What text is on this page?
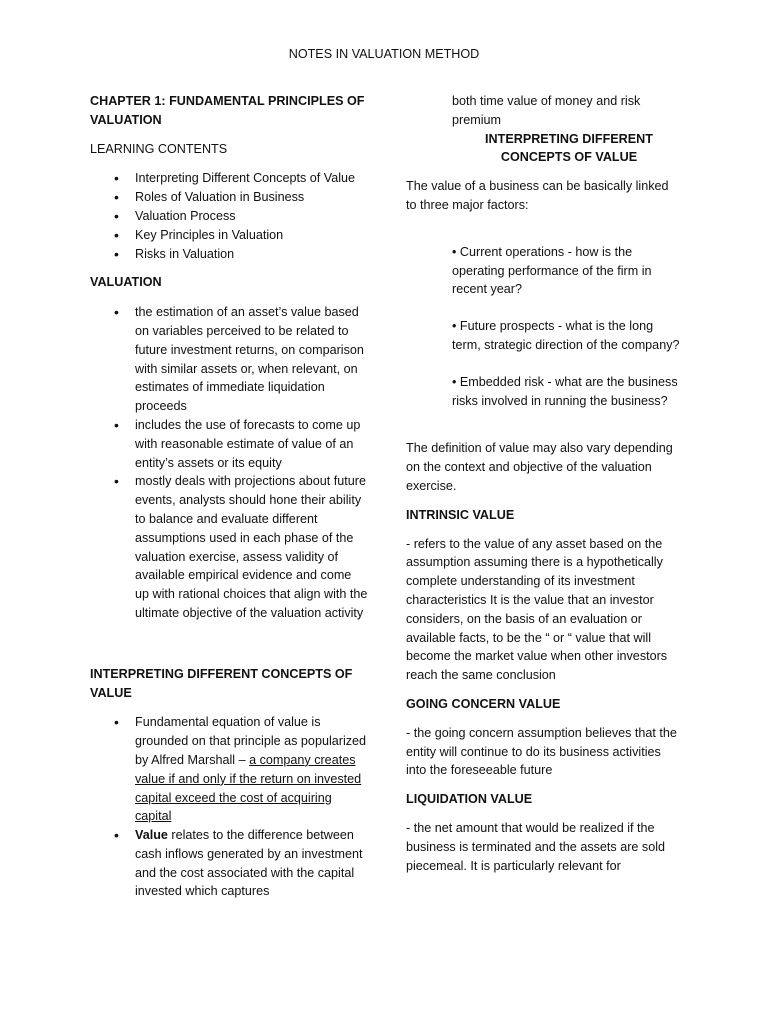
NOTES IN VALUATION METHOD

CHAPTER 1: FUNDAMENTAL PRINCIPLES OF VALUATION

LEARNING CONTENTS

• Interpreting Different Concepts of Value
• Roles of Valuation in Business
• Valuation Process
• Key Principles in Valuation
• Risks in Valuation

VALUATION

• the estimation of an asset’s value based on variables perceived to be related to future investment returns, on comparison with similar assets or, when relevant, on estimates of immediate liquidation proceeds
• includes the use of forecasts to come up with reasonable estimate of value of an entity’s assets or its equity
• mostly deals with projections about future events, analysts should hone their ability to balance and evaluate different assumptions used in each phase of the valuation exercise, assess validity of available empirical evidence and come up with rational choices that align with the ultimate objective of the valuation activity

INTERPRETING DIFFERENT CONCEPTS OF VALUE

• Fundamental equation of value is grounded on that principle as popularized by Alfred Marshall – a company creates value if and only if the return on invested capital exceed the cost of acquiring capital
• Value relates to the difference between cash inflows generated by an investment and the cost associated with the capital invested which captures

both time value of money and risk premium

INTERPRETING DIFFERENT CONCEPTS OF VALUE

The value of a business can be basically linked to three major factors:

• Current operations - how is the operating performance of the firm in recent year?

• Future prospects - what is the long term, strategic direction of the company?

• Embedded risk - what are the business risks involved in running the business?

The definition of value may also vary depending on the context and objective of the valuation exercise.

INTRINSIC VALUE

- refers to the value of any asset based on the assumption assuming there is a hypothetically complete understanding of its investment characteristics It is the value that an investor considers, on the basis of an evaluation or available facts, to be the “ or “ value that will become the market value when other investors reach the same conclusion

GOING CONCERN VALUE

- the going concern assumption believes that the entity will continue to do its business activities into the foreseeable future

LIQUIDATION VALUE

- the net amount that would be realized if the business is terminated and the assets are sold piecemeal. It is particularly relevant for
